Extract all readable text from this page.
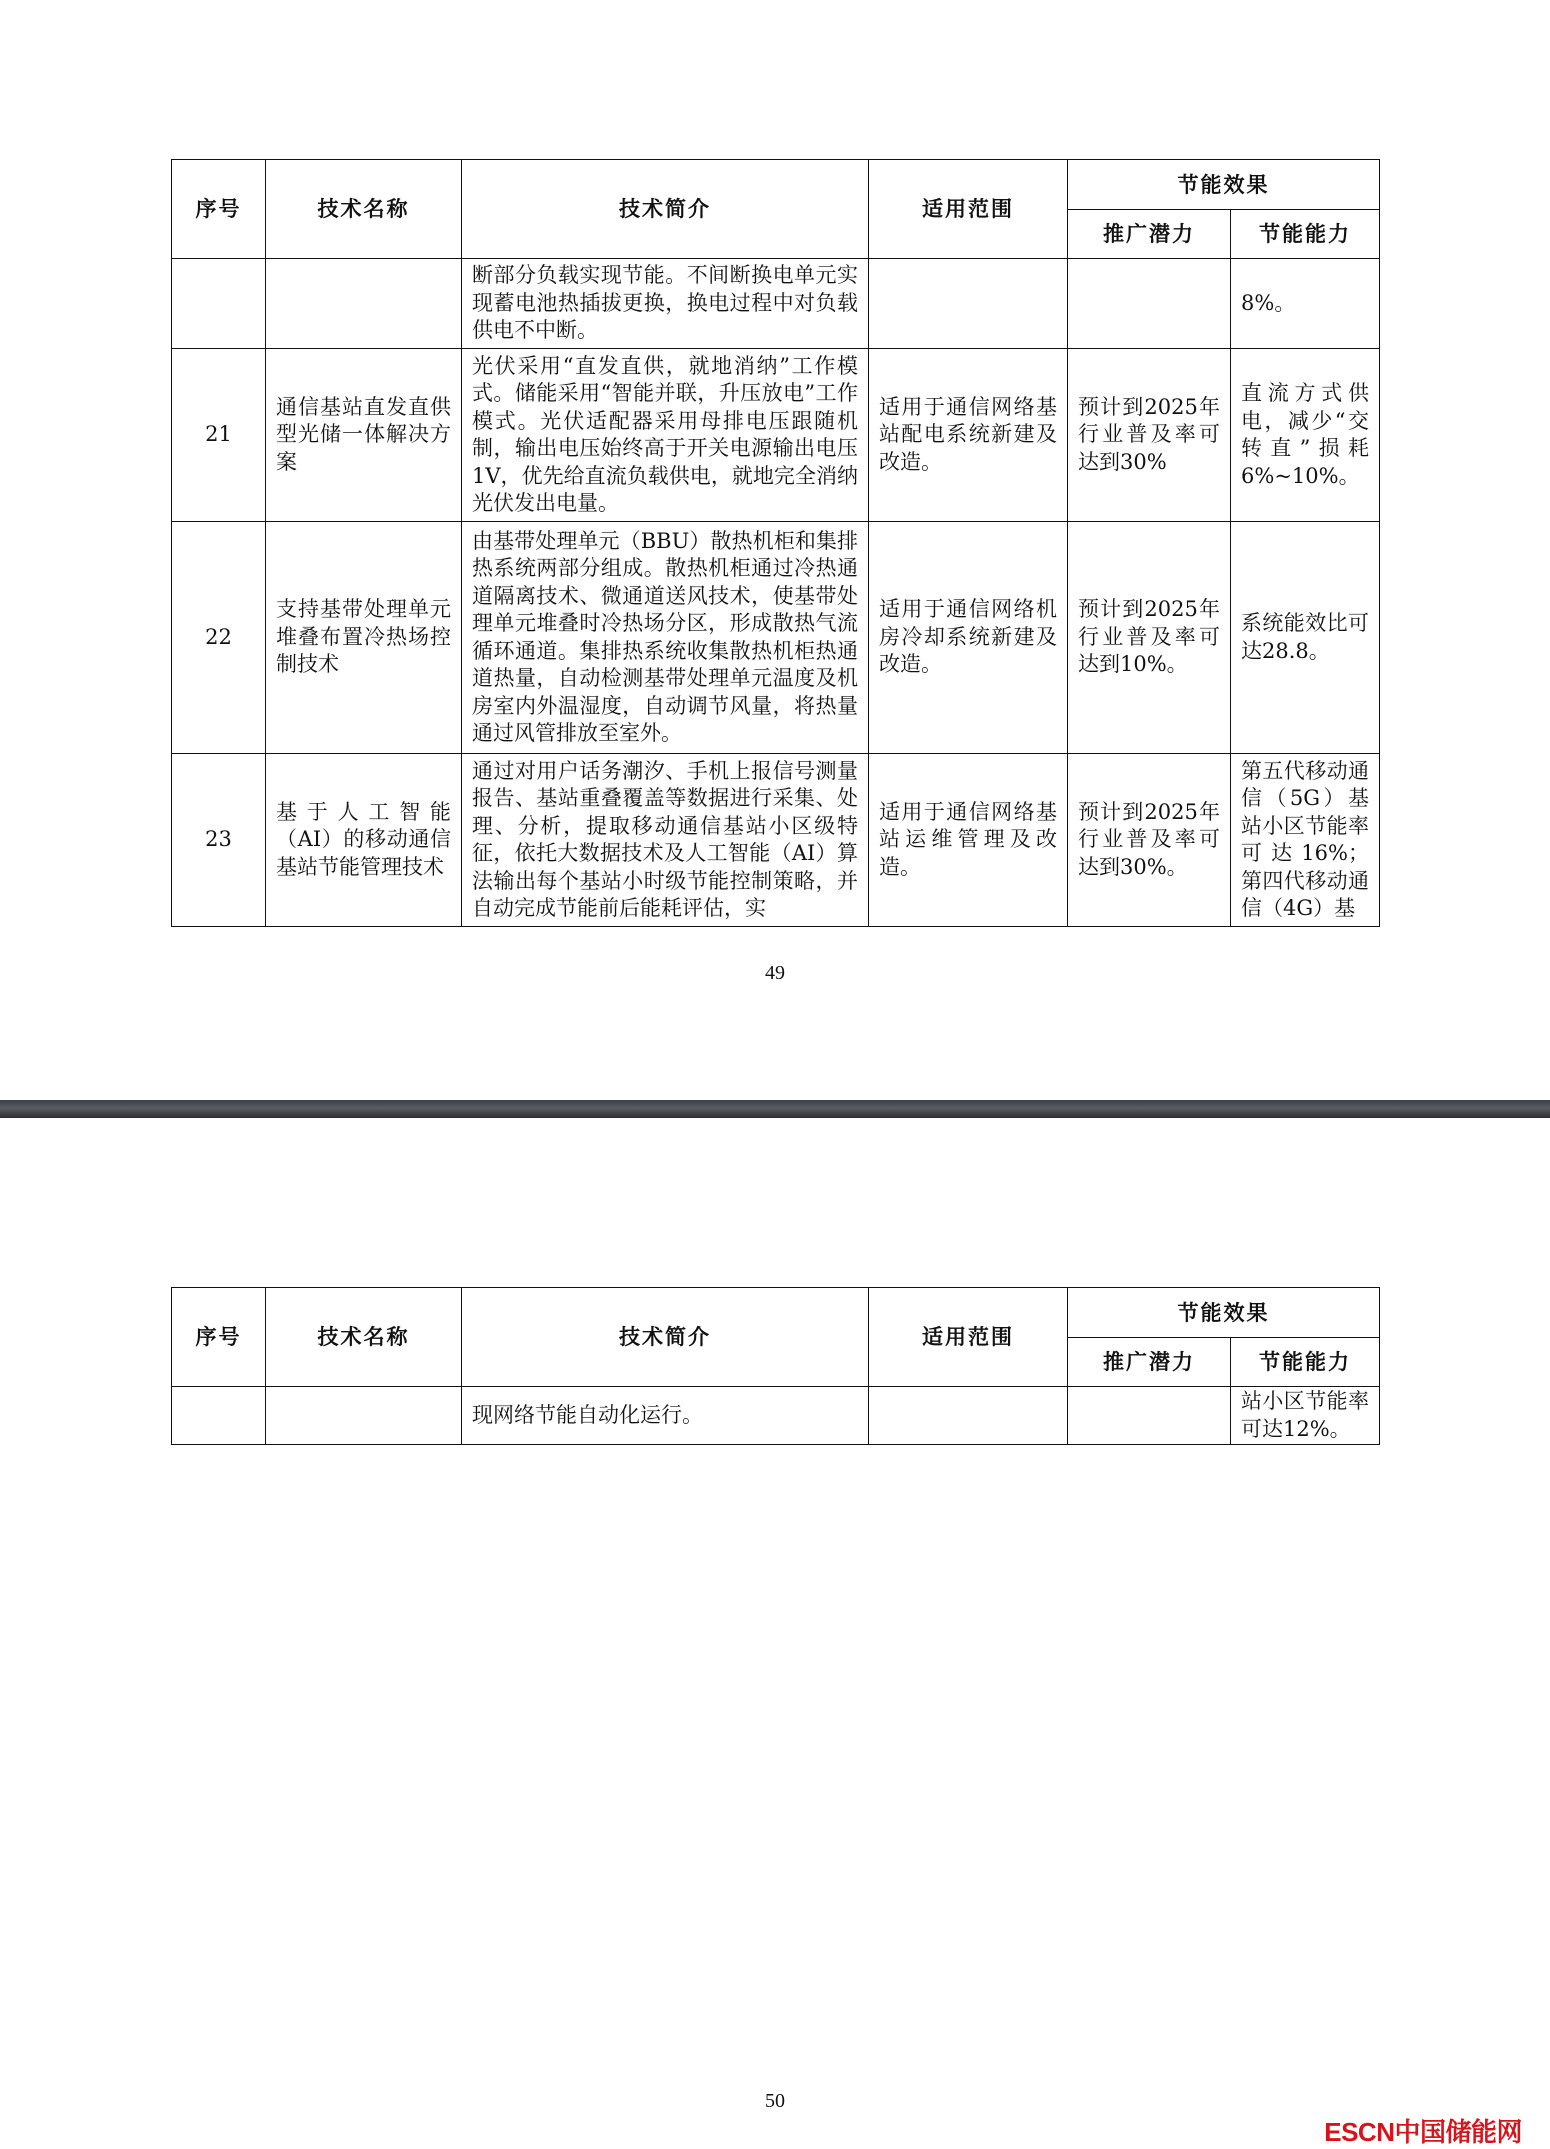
序号	技术名称	技术简介	适用范围	节能效果	
				推广潜力	节能能力
		断部分负载实现节能。不间断换电单元实现蓄电池热插拔更换，换电过程中对负载供电不中断。			8%。
21	通信基站直发直供型光储一体解决方案	光伏采用“直发直供，就地消纳”工作模式。储能采用“智能并联，升压放电”工作模式。光伏适配器采用母排电压跟随机制，输出电压始终高于开关电源输出电压1V，优先给直流负载供电，就地完全消纳光伏发出电量。	适用于通信网络基站配电系统新建及改造。	预计到2025年行业普及率可达到30%	直流方式供电，减少“交转直”损耗6%~10%。
22	支持基带处理单元堆叠布置冷热场控制技术	由基带处理单元（BBU）散热机柜和集排热系统两部分组成。散热机柜通过冷热通道隔离技术、微通道送风技术，使基带处理单元堆叠时冷热场分区，形成散热气流循环通道。集排热系统收集散热机柜热通道热量，自动检测基带处理单元温度及机房室内外温湿度，自动调节风量，将热量通过风管排放至室外。	适用于通信网络机房冷却系统新建及改造。	预计到2025年行业普及率可达到10%。	系统能效比可达28.8。
23	基于人工智能（AI）的移动通信基站节能管理技术	通过对用户话务潮汐、手机上报信号测量报告、基站重叠覆盖等数据进行采集、处理、分析，提取移动通信基站小区级特征，依托大数据技术及人工智能（AI）算法输出每个基站小时级节能控制策略，并自动完成节能前后能耗评估，实	适用于通信网络基站运维管理及改造。	预计到2025年行业普及率可达到30%。	第五代移动通信（5G）基站小区节能率可达16%；第四代移动通信（4G）基
49
序号	技术名称	技术简介	适用范围	节能效果	
				推广潜力	节能能力
		现网络节能自动化运行。			站小区节能率可达12%。
50
ESCN中国储能网
